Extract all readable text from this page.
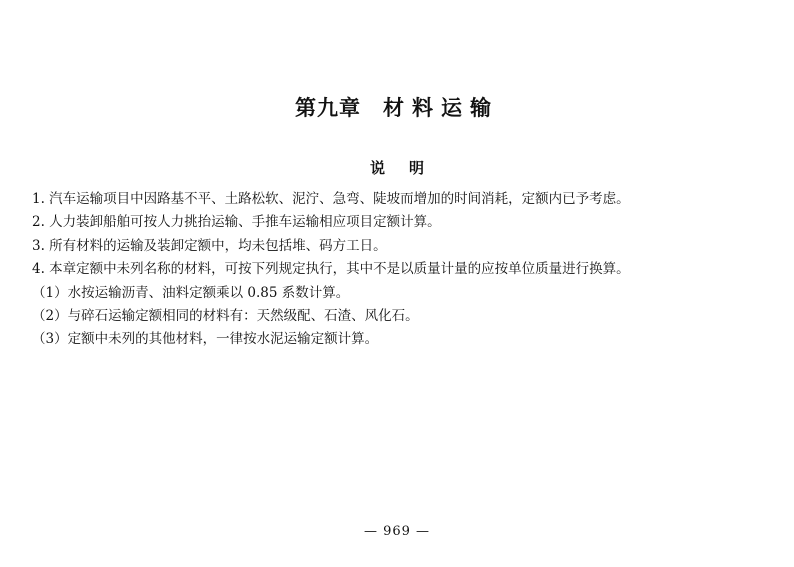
第九章 材料运输
说明
1. 汽车运输项目中因路基不平、土路松软、泥泞、急弯、陡坡而增加的时间消耗，定额内已予考虑。
2. 人力装卸船舶可按人力挑抬运输、手推车运输相应项目定额计算。
3. 所有材料的运输及装卸定额中，均未包括堆、码方工日。
4. 本章定额中未列名称的材料，可按下列规定执行，其中不是以质量计量的应按单位质量进行换算。
（1）水按运输沥青、油料定额乘以 0.85 系数计算。
（2）与碎石运输定额相同的材料有：天然级配、石渣、风化石。
（3）定额中未列的其他材料，一律按水泥运输定额计算。
— 969 —
